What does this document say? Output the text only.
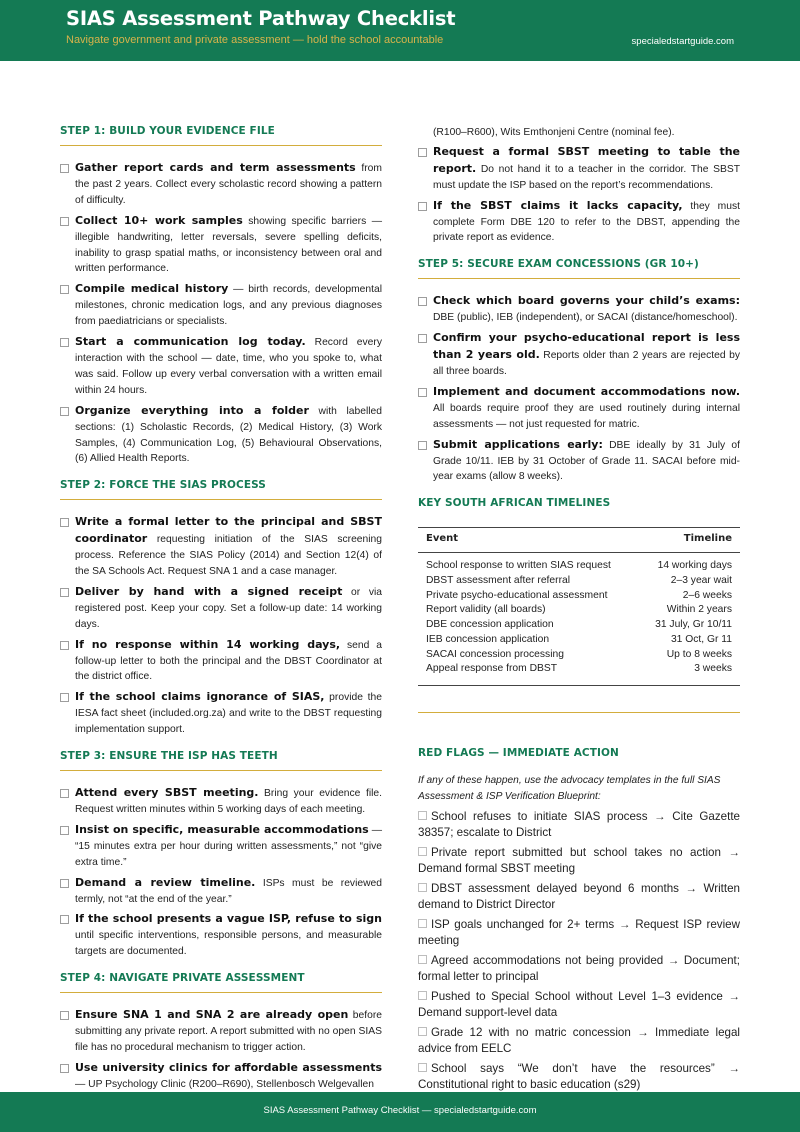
SIAS Assessment Pathway Checklist
Navigate government and private assessment — hold the school accountable	specialedstartguide.com
STEP 1: BUILD YOUR EVIDENCE FILE
Gather report cards and term assessments from the past 2 years. Collect every scholastic record showing a pattern of difficulty.
Collect 10+ work samples showing specific barriers — illegible handwriting, letter reversals, severe spelling deficits, inability to grasp spatial maths, or inconsistency between oral and written performance.
Compile medical history — birth records, developmental milestones, chronic medication logs, and any previous diagnoses from paediatricians or specialists.
Start a communication log today. Record every interaction with the school — date, time, who you spoke to, what was said. Follow up every verbal conversation with a written email within 24 hours.
Organize everything into a folder with labelled sections: (1) Scholastic Records, (2) Medical History, (3) Work Samples, (4) Communication Log, (5) Behavioural Observations, (6) Allied Health Reports.
STEP 2: FORCE THE SIAS PROCESS
Write a formal letter to the principal and SBST coordinator requesting initiation of the SIAS screening process. Reference the SIAS Policy (2014) and Section 12(4) of the SA Schools Act. Request SNA 1 and a case manager.
Deliver by hand with a signed receipt or via registered post. Keep your copy. Set a follow-up date: 14 working days.
If no response within 14 working days, send a follow-up letter to both the principal and the DBST Coordinator at the district office.
If the school claims ignorance of SIAS, provide the IESA fact sheet (included.org.za) and write to the DBST requesting implementation support.
STEP 3: ENSURE THE ISP HAS TEETH
Attend every SBST meeting. Bring your evidence file. Request written minutes within 5 working days of each meeting.
Insist on specific, measurable accommodations — “15 minutes extra per hour during written assessments,” not “give extra time.”
Demand a review timeline. ISPs must be reviewed termly, not “at the end of the year.”
If the school presents a vague ISP, refuse to sign until specific interventions, responsible persons, and measurable targets are documented.
STEP 4: NAVIGATE PRIVATE ASSESSMENT
Ensure SNA 1 and SNA 2 are already open before submitting any private report. A report submitted with no open SIAS file has no procedural mechanism to trigger action.
Use university clinics for affordable assessments — UP Psychology Clinic (R200–R690), Stellenbosch Welgevallen
(R100–R600), Wits Emthonjeni Centre (nominal fee).
Request a formal SBST meeting to table the report. Do not hand it to a teacher in the corridor. The SBST must update the ISP based on the report’s recommendations.
If the SBST claims it lacks capacity, they must complete Form DBE 120 to refer to the DBST, appending the private report as evidence.
STEP 5: SECURE EXAM CONCESSIONS (GR 10+)
Check which board governs your child’s exams: DBE (public), IEB (independent), or SACAI (distance/homeschool).
Confirm your psycho-educational report is less than 2 years old. Reports older than 2 years are rejected by all three boards.
Implement and document accommodations now. All boards require proof they are used routinely during internal assessments — not just requested for matric.
Submit applications early: DBE ideally by 31 July of Grade 10/11. IEB by 31 October of Grade 11. SACAI before mid-year exams (allow 8 weeks).
KEY SOUTH AFRICAN TIMELINES
Event	Timeline
School response to written SIAS request	14 working days
DBST assessment after referral	2–3 year wait
Private psycho-educational assessment	2–6 weeks
Report validity (all boards)	Within 2 years
DBE concession application	31 July, Gr 10/11
IEB concession application	31 Oct, Gr 11
SACAI concession processing	Up to 8 weeks
Appeal response from DBST	3 weeks
RED FLAGS — IMMEDIATE ACTION
If any of these happen, use the advocacy templates in the full SIAS Assessment & ISP Verification Blueprint:
School refuses to initiate SIAS process → Cite Gazette 38357; escalate to District
Private report submitted but school takes no action → Demand formal SBST meeting
DBST assessment delayed beyond 6 months → Written demand to District Director
ISP goals unchanged for 2+ terms → Request ISP review meeting
Agreed accommodations not being provided → Document; formal letter to principal
Pushed to Special School without Level 1–3 evidence → Demand support-level data
Grade 12 with no matric concession → Immediate legal advice from EELC
School says “We don’t have the resources” → Constitutional right to basic education (s29)
SIAS Assessment Pathway Checklist — specialedstartguide.com
